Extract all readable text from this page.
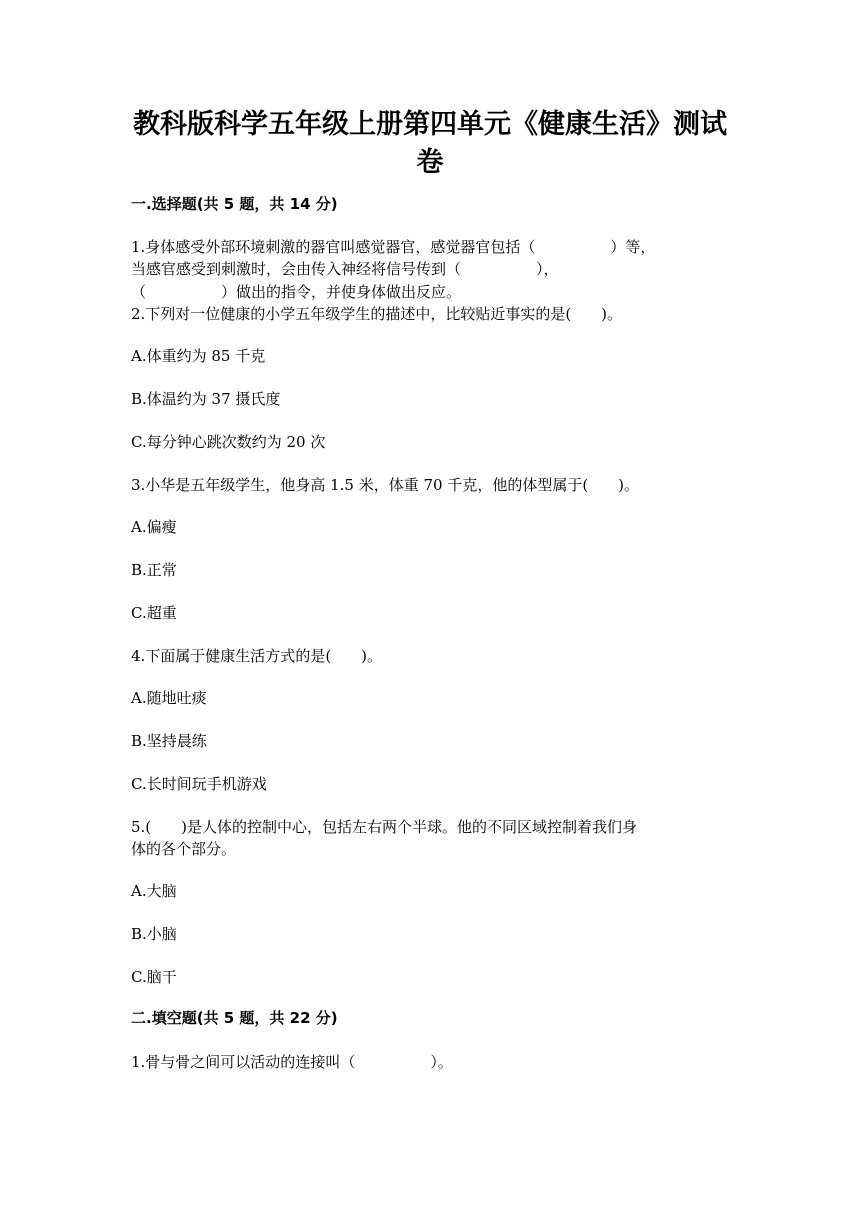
教科版科学五年级上册第四单元《健康生活》测试
卷

一.选择题(共 5 题，共 14 分)

1.身体感受外部环境刺激的器官叫感觉器官，感觉器官包括（　　　　　）等，

当感官感受到刺激时，会由传入神经将信号传到（　　　　　），

（　　　　　）做出的指令，并使身体做出反应。

2.下列对一位健康的小学五年级学生的描述中，比较贴近事实的是(　　)。

A.体重约为 85 千克

B.体温约为 37 摄氏度

C.每分钟心跳次数约为 20 次

3.小华是五年级学生，他身高 1.5 米，体重 70 千克，他的体型属于(　　)。

A.偏瘦

B.正常

C.超重

4.下面属于健康生活方式的是(　　)。

A.随地吐痰

B.坚持晨练

C.长时间玩手机游戏

5.(　　)是人体的控制中心，包括左右两个半球。他的不同区域控制着我们身

体的各个部分。

A.大脑

B.小脑

C.脑干

二.填空题(共 5 题，共 22 分)

1.骨与骨之间可以活动的连接叫（　　　　　）。
